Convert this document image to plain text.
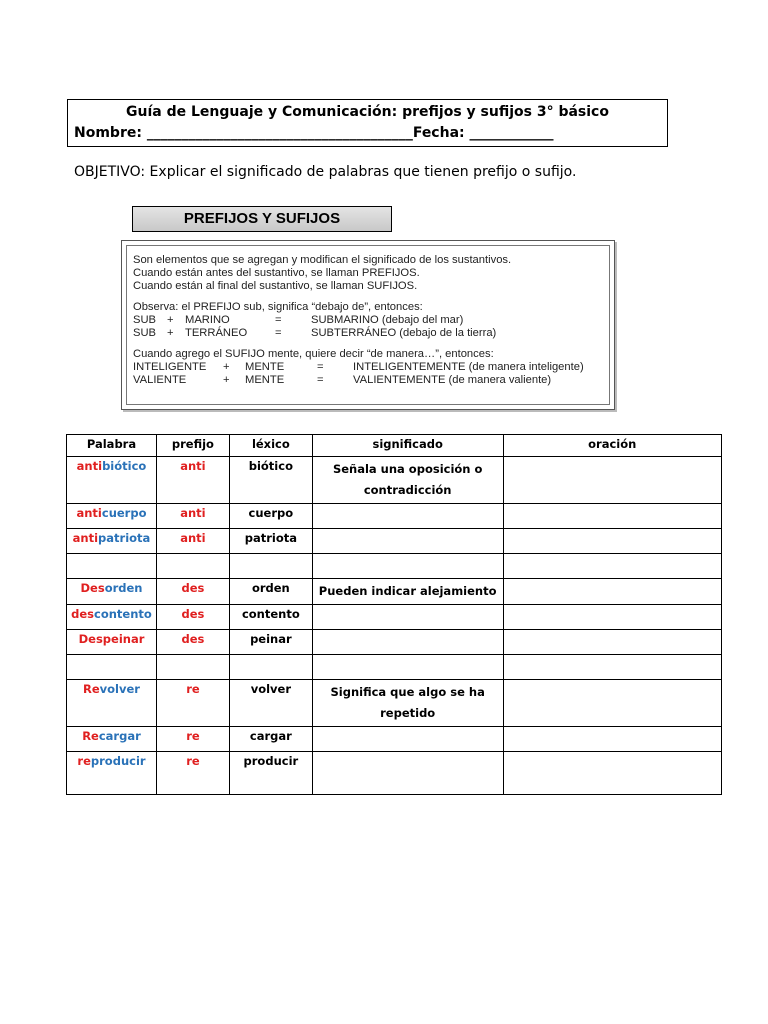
Guía de Lenguaje y Comunicación: prefijos y sufijos 3° básico
Nombre: ______________________________________Fecha: ____________
OBJETIVO: Explicar el significado de palabras que tienen prefijo o sufijo.
PREFIJOS Y SUFIJOS

Son elementos que se agregan y modifican el significado de los sustantivos.

Cuando están antes del sustantivo, se llaman PREFIJOS.

Cuando están al final del sustantivo, se llaman SUFIJOS.

Observa: el PREFIJO sub, significa “debajo de”, entonces:

SUB +	MARINO	=	SUBMARINO (debajo del mar)
SUB +	TERRÁNEO	=	SUBTERRÁNEO (debajo de la tierra)

Cuando agrego el SUFIJO mente, quiere decir “de manera…”, entonces:

INTELIGENTE	+	MENTE	=	INTELIGENTEMENTE (de manera inteligente)
VALIENTE	+	MENTE	=	VALIENTEMENTE (de manera valiente)
Palabra	prefijo	léxico	significado	oración
antibiótico	anti	biótico	Señala una oposición o contradicción	
anticuerpo	anti	cuerpo		
antipatriota	anti	patriota		

Desorden	des	orden	Pueden indicar alejamiento	
descontento	des	contento		
Despeinar	des	peinar		

Revolver	re	volver	Significa que algo se ha repetido	
Recargar	re	cargar		
reproducir	re	producir		
